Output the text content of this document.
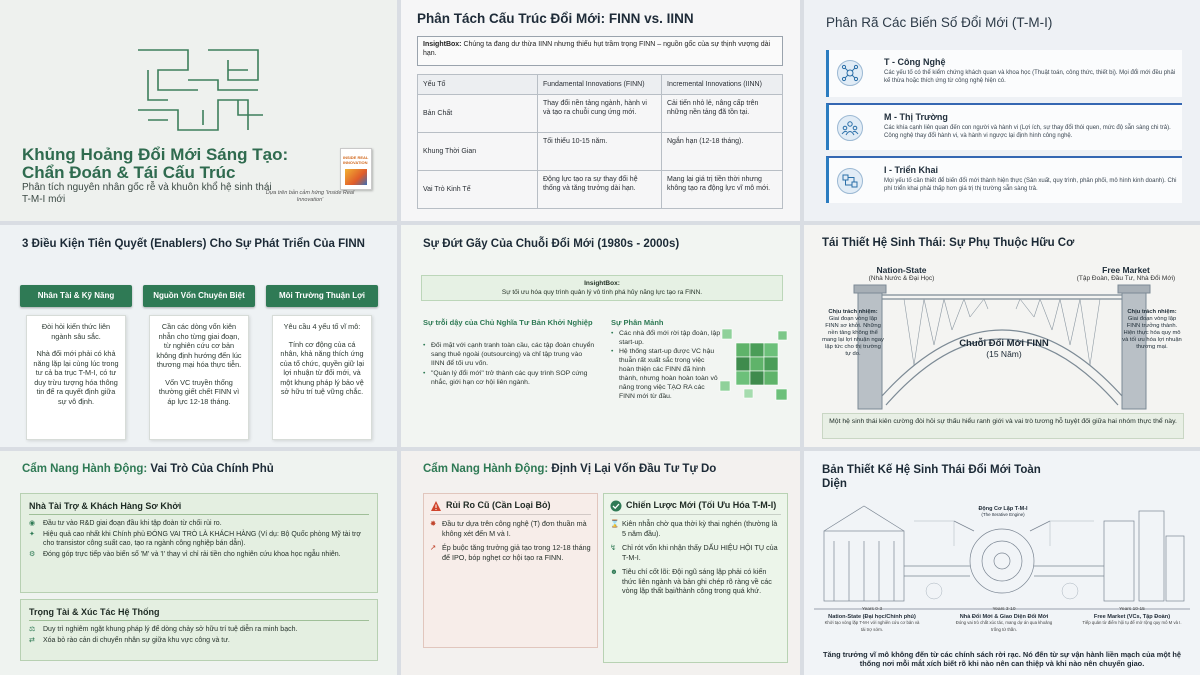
Khủng Hoảng Đổi Mới Sáng Tạo: Chẩn Đoán & Tái Cấu Trúc
Phân tích nguyên nhân gốc rễ và khuôn khổ hệ sinh thái T-M-I mới
INSIDE REAL INNOVATION
Dựa trên bản cảm hứng 'Inside Real Innovation'
Phân Tách Cấu Trúc Đổi Mới: FINN vs. IINN
InsightBox: Chúng ta đang dư thừa IINN nhưng thiếu hụt trầm trọng FINN – nguồn gốc của sự thịnh vượng dài hạn.
Yếu Tố	Fundamental Innovations (FINN)	Incremental Innovations (IINN)
Bản Chất	Thay đổi nền tảng ngành, hành vi và tạo ra chuỗi cung ứng mới.	Cải tiến nhỏ lẻ, nâng cấp trên những nền tảng đã tồn tại.
Khung Thời Gian	Tối thiểu 10-15 năm.	Ngắn hạn (12-18 tháng).
Vai Trò Kinh Tế	Động lực tạo ra sự thay đổi hệ thống và tăng trưởng dài hạn.	Mang lại giá trị tiền thời nhưng không tạo ra động lực vĩ mô mới.
Phân Rã Các Biến Số Đổi Mới (T-M-I)
T - Công Nghệ
Các yếu tố có thể kiểm chứng khách quan và khoa học (Thuật toán, công thức, thiết bị). Mọi đổi mới đều phải kế thừa hoặc thích ứng từ công nghệ hiện có.
M - Thị Trường
Các khía cạnh liên quan đến con người và hành vi (Lợi ích, sự thay đổi thói quen, mức độ sẵn sàng chi trả). Công nghệ thay đổi hành vi, và hành vi ngược lại định hình công nghệ.
I - Triển Khai
Mọi yếu tố cần thiết để biến đổi mới thành hiện thực (Sản xuất, quy trình, phân phối, mô hình kinh doanh). Chi phí triển khai phải thấp hơn giá trị thị trường sẵn sàng trả.
3 Điều Kiện Tiên Quyết (Enablers) Cho Sự Phát Triển Của FINN
Nhân Tài & Kỹ Năng

Đòi hỏi kiến thức liên ngành sâu sắc.

Nhà đổi mới phải có khả năng lặp lại cùng lúc trong tư cả ba trục T-M-I, có tư duy trừu tượng hóa thông tin để ra quyết định giữa sự vô định.

Nguồn Vốn Chuyên Biệt

Cần các dòng vốn kiên nhẫn cho từng giai đoạn, từ nghiên cứu cơ bản không định hướng đến lúc thương mại hóa thực tiễn.

Vốn VC truyền thống thường giết chết FINN vì áp lực 12-18 tháng.

Môi Trường Thuận Lợi

Yêu cầu 4 yếu tố vĩ mô:

Tính cơ động của cá nhân, khả năng thích ứng của tổ chức, quyền giữ lại lợi nhuận từ đổi mới, và một khung pháp lý bảo vệ sở hữu trí tuệ vững chắc.

Sự Đứt Gãy Của Chuỗi Đổi Mới (1980s - 2000s)
InsightBox:
Sự tối ưu hóa quy trình quản lý vô tình phá hủy năng lực tạo ra FINN.
Sự trỗi dậy của Chủ Nghĩa Tư Bản Khởi Nghiệp
• Đối mặt với cạnh tranh toàn cầu, các tập đoàn chuyển sang thuê ngoài (outsourcing) và chỉ tập trung vào IINN để tối ưu vốn.
• "Quản lý đổi mới" trở thành các quy trình SOP cứng nhắc, giới hạn cơ hội liên ngành.
Sự Phân Mảnh
• Các nhà đổi mới rời tập đoàn, lập start-up.
• Hệ thống start-up được VC hậu thuẫn rất xuất sắc trong việc hoàn thiện các FINN đã hình thành, nhưng hoàn hoàn toàn vô năng trong việc TẠO RA các FINN mới từ đầu.
Tái Thiết Hệ Sinh Thái: Sự Phụ Thuộc Hữu Cơ
Nation-State
(Nhà Nước & Đại Học)
Free Market
(Tập Đoàn, Đầu Tư, Nhà Đổi Mới)
Chịu trách nhiệm:
Giai đoạn vòng lặp FINN sơ khởi. Những nền tảng không thể mang lại lợi nhuận ngay lập tức cho thị trường tự do.
Chịu trách nhiệm:
Giai đoạn vòng lặp FINN trưởng thành. Hiện thực hóa quy mô và tối ưu hóa lợi nhuận thương mại.
Chuỗi Đổi Mới FINN
(15 Năm)
Một hệ sinh thái kiên cường đòi hỏi sự thấu hiểu ranh giới và vai trò tương hỗ tuyệt đối giữa hai nhóm thực thể này.
Cẩm Nang Hành Động: Vai Trò Của Chính Phủ
Nhà Tài Trợ & Khách Hàng Sơ Khởi
◉ Đầu tư vào R&D giai đoạn đầu khi tập đoàn từ chối rủi ro.
✦ Hiệu quả cao nhất khi Chính phủ ĐÓNG VAI TRÒ LÀ KHÁCH HÀNG (Ví dụ: Bộ Quốc phòng Mỹ tài trợ cho transistor công suất cao, tạo ra ngành công nghiệp bán dẫn).
⚙ Đóng góp trực tiếp vào biến số 'M' và 'I' thay vì chỉ rải tiền cho nghiên cứu khoa học ngẫu nhiên.
Trọng Tài & Xúc Tác Hệ Thống
⚖ Duy trì nghiêm ngặt khung pháp lý để dòng chảy sở hữu trí tuệ diễn ra minh bạch.
⇄ Xóa bỏ rào cản di chuyển nhân sự giữa khu vực công và tư.
Cẩm Nang Hành Động: Định Vị Lại Vốn Đầu Tư Tự Do
Rủi Ro Cũ (Cần Loại Bỏ)
✸ Đầu tư dựa trên công nghệ (T) đơn thuần mà không xét đến M và I.
↗ Ép buộc tăng trưởng giả tạo trong 12-18 tháng để IPO, bóp nghẹt cơ hội tạo ra FINN.
Chiến Lược Mới (Tối Ưu Hóa T-M-I)
⌛ Kiên nhẫn chờ qua thời kỳ thai nghén (thường là 5 năm đầu).
↯ Chỉ rót vốn khi nhận thấy DẤU HIỆU HỘI TỤ của T-M-I.
☻ Tiêu chí cốt lõi: Đội ngũ sáng lập phải có kiến thức liên ngành và bản ghi chép rõ ràng về các vòng lặp thất bại/thành công trong quá khứ.
Bản Thiết Kế Hệ Sinh Thái Đổi Mới Toàn Diện
Động Cơ Lặp T-M-I
(The Iterative Engine)
Years 0-3
Nation-State (Đại học/Chính phủ)
Khởi tạo vòng lặp T-M-I với nghiên cứu cơ bản và tài trợ sớm.
Years 3-10
Nhà Đổi Mới & Giao Diện Đổi Mới
Đóng vai trò chất xúc tác, mang dự án qua khoảng trống tử thần.
Years 10-15
Free Market (VCs, Tập Đoàn)
Tiếp quản từ điểm hội tụ để mở rộng quy mô M và I.
Tăng trưởng vĩ mô không đến từ các chính sách rời rạc. Nó đến từ sự vận hành liền mạch của một hệ thống nơi mỗi mắt xích biết rõ khi nào nên can thiệp và khi nào nên chuyển giao.
